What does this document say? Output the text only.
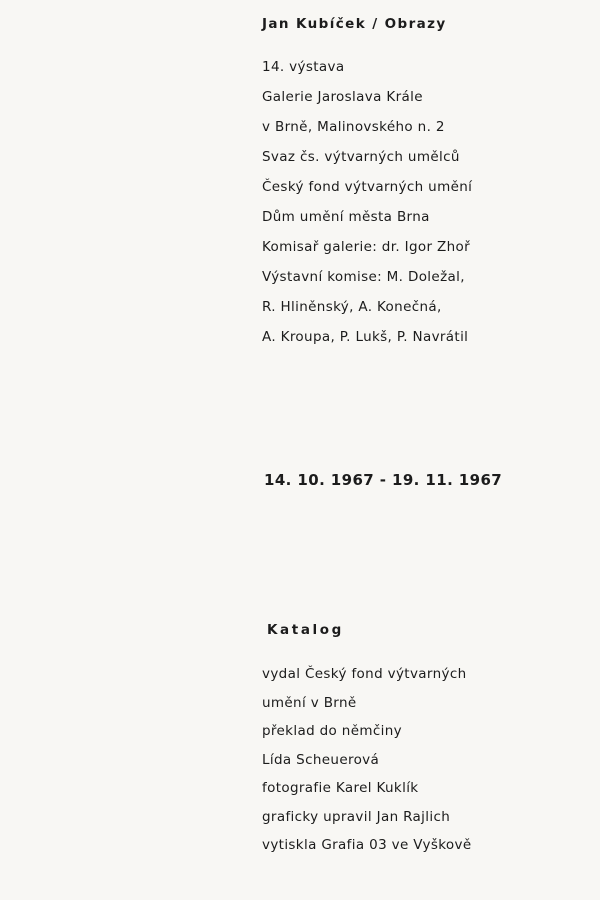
Jan Kubíček / Obrazy
14. výstava
Galerie Jaroslava Krále
v Brně, Malinovského n. 2
Svaz čs. výtvarných umělců
Český fond výtvarných umění
Dům umění města Brna
Komisař galerie: dr. Igor Zhoř
Výstavní komise: M. Doležal,
R. Hliněnský, A. Konečná,
A. Kroupa, P. Lukš, P. Navrátil
14. 10. 1967 - 19. 11. 1967
Katalog
vydal Český fond výtvarných
umění v Brně
překlad do němčiny
Lída Scheuerová
fotografie Karel Kuklík
graficky upravil Jan Rajlich
vytiskla Grafia 03 ve Vyškově
